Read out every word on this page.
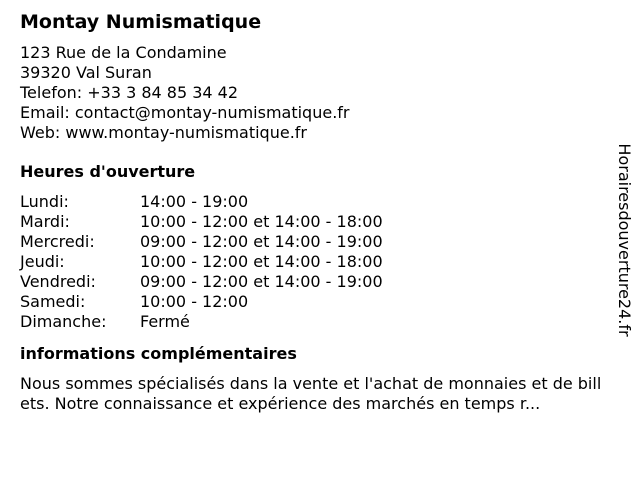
Montay Numismatique
123 Rue de la Condamine
39320 Val Suran
Telefon: +33 3 84 85 34 42
Email: contact@montay-numismatique.fr
Web: www.montay-numismatique.fr
Heures d'ouverture
Lundi:	14:00 - 19:00
Mardi:	10:00 - 12:00 et 14:00 - 18:00
Mercredi:	09:00 - 12:00 et 14:00 - 19:00
Jeudi:	10:00 - 12:00 et 14:00 - 18:00
Vendredi:	09:00 - 12:00 et 14:00 - 19:00
Samedi:	10:00 - 12:00
Dimanche:	Fermé
informations complémentaires
Nous sommes spécialisés dans la vente et l'achat de monnaies et de billets. Notre connaissance et expérience des marchés en temps r...
Horairesdouverture24.fr
